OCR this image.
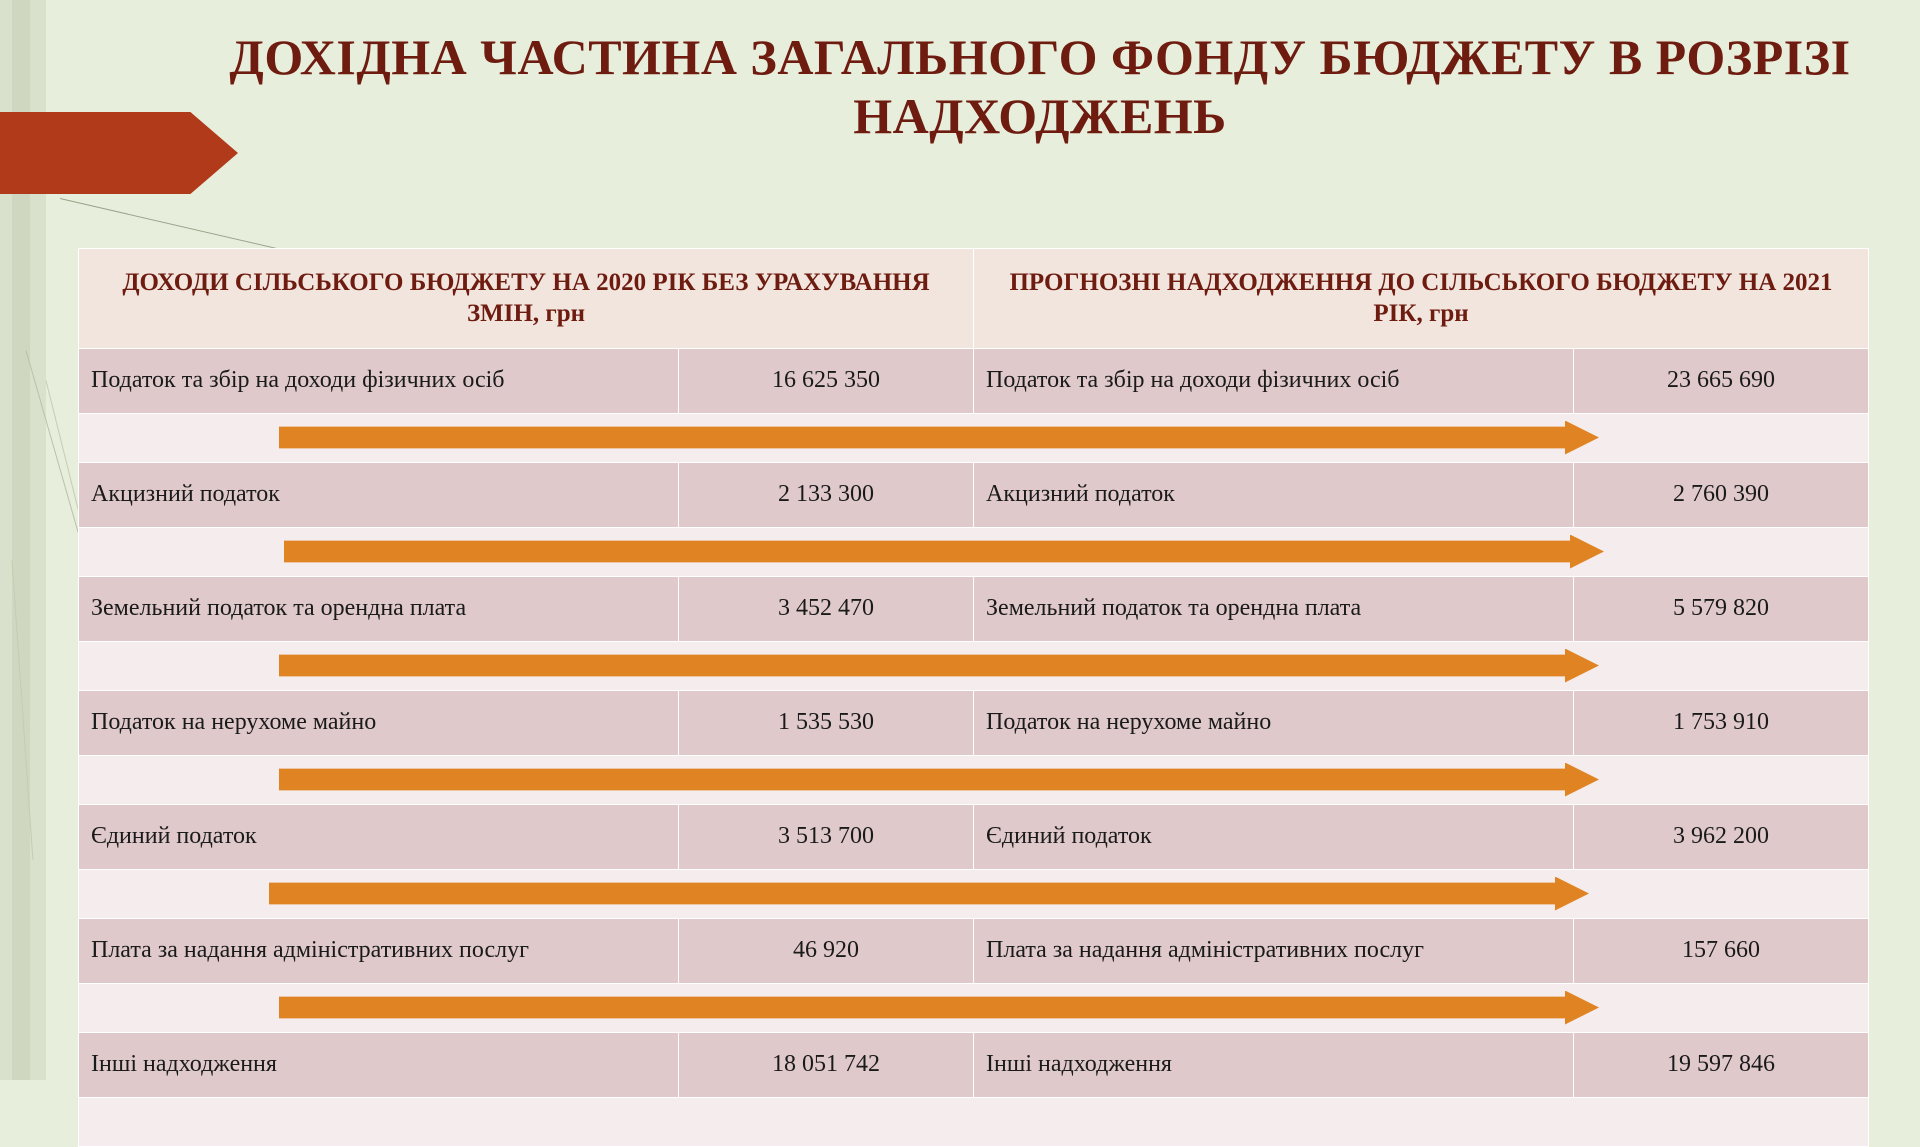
ДОХІДНА ЧАСТИНА ЗАГАЛЬНОГО ФОНДУ БЮДЖЕТУ В РОЗРІЗІ НАДХОДЖЕНЬ
ДОХОДИ СІЛЬСЬКОГО БЮДЖЕТУ НА 2020 РІК БЕЗ УРАХУВАННЯ ЗМІН, грн		ПРОГНОЗНІ НАДХОДЖЕННЯ ДО СІЛЬСЬКОГО БЮДЖЕТУ НА 2021 РІК, грн	
Податок та збір на доходи фізичних осіб	16 625 350	Податок та збір на доходи фізичних осіб	23 665 690

Акцизний податок	2 133 300	Акцизний податок	2 760 390

Земельний податок та орендна плата	3 452 470	Земельний податок та орендна плата	5 579 820

Податок на нерухоме майно	1 535 530	Податок на нерухоме майно	1 753 910

Єдиний податок	3 513 700	Єдиний податок	3 962 200

Плата за надання адміністративних послуг	46 920	Плата за надання адміністративних послуг	157 660

Інші надходження	18 051 742	Інші надходження	19 597 846
